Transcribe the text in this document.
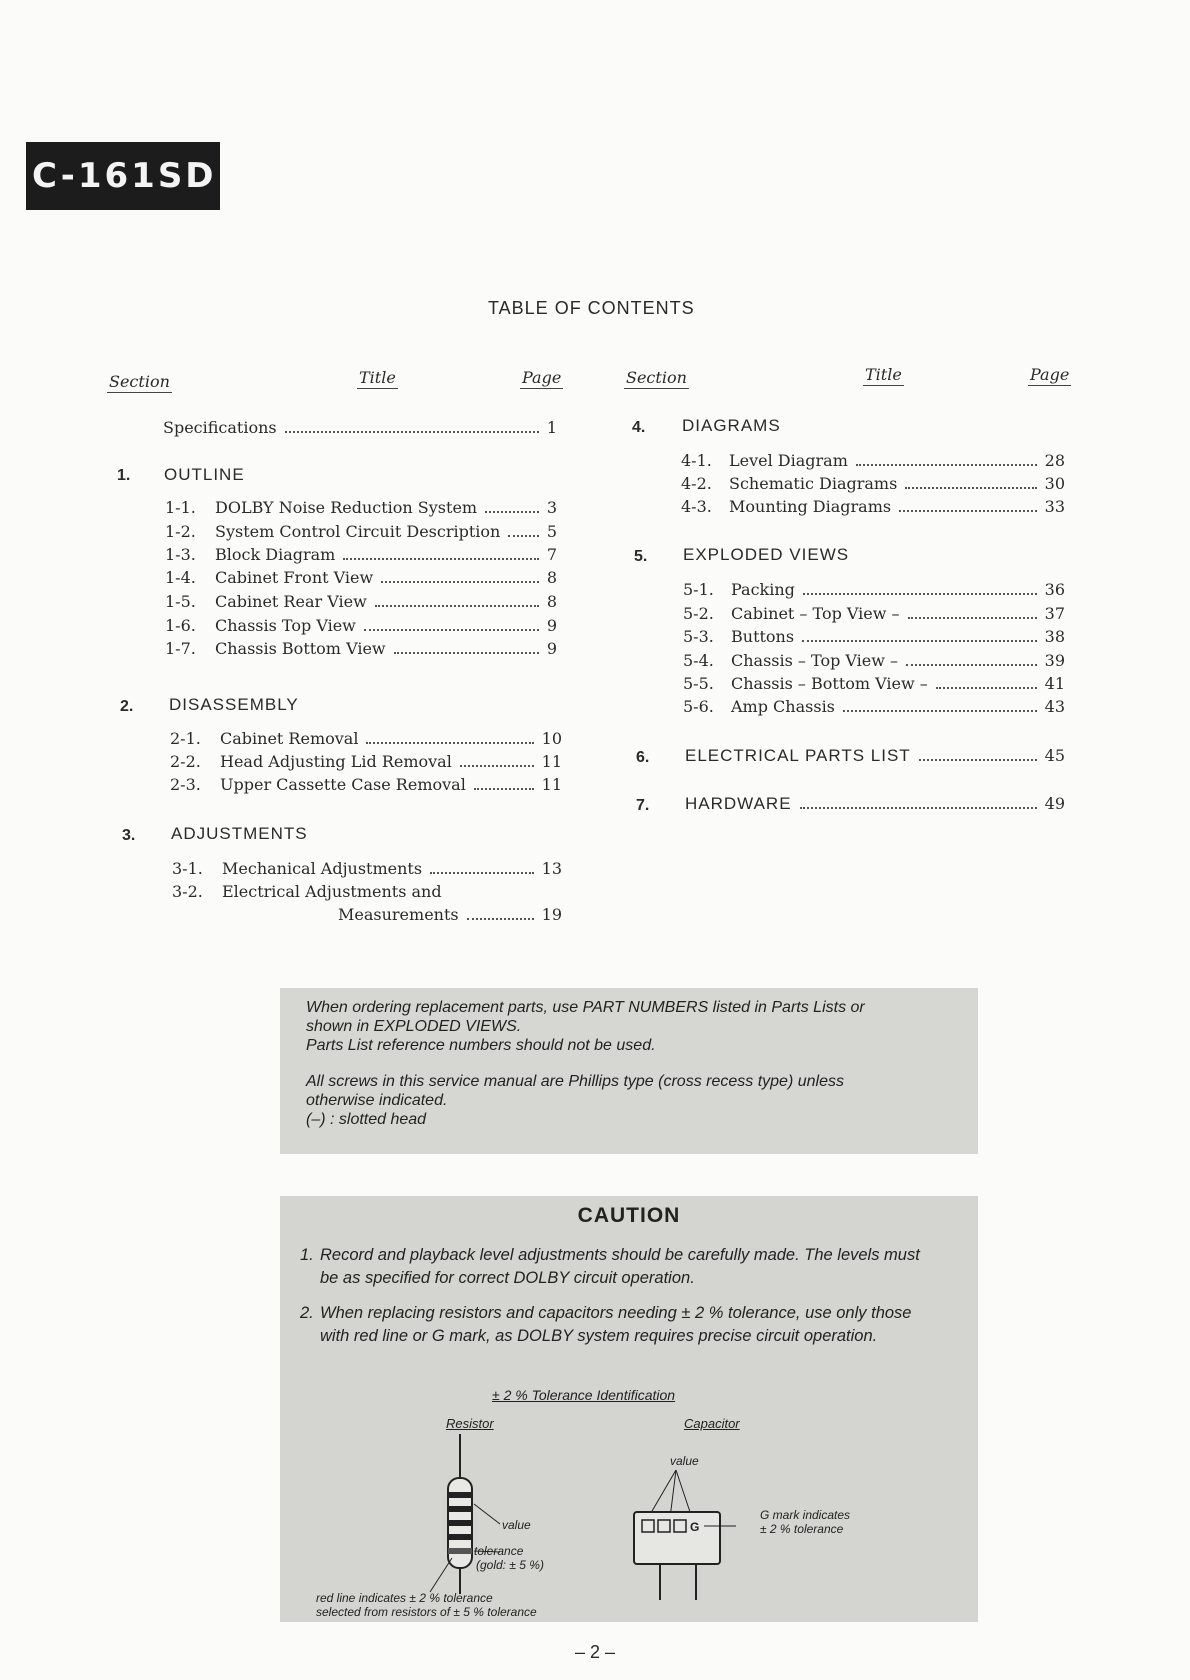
C-161SD
TABLE OF CONTENTS
Section	Title	Page	Section	Title	Page
Specifications	1
1. OUTLINE
1-1.	DOLBY Noise Reduction System	3
1-2.	System Control Circuit Description	5
1-3.	Block Diagram	7
1-4.	Cabinet Front View	8
1-5.	Cabinet Rear View	8
1-6.	Chassis Top View	9
1-7.	Chassis Bottom View	9
2. DISASSEMBLY
2-1.	Cabinet Removal	10
2-2.	Head Adjusting Lid Removal	11
2-3.	Upper Cassette Case Removal	11
3. ADJUSTMENTS
3-1.	Mechanical Adjustments	13
3-2.	Electrical Adjustments and
Measurements	19
4. DIAGRAMS
4-1.	Level Diagram	28
4-2.	Schematic Diagrams	30
4-3.	Mounting Diagrams	33
5. EXPLODED VIEWS
5-1.	Packing	36
5-2.	Cabinet – Top View –	37
5-3.	Buttons	38
5-4.	Chassis – Top View –	39
5-5.	Chassis – Bottom View –	41
5-6.	Amp Chassis	43
6. ELECTRICAL PARTS LIST	45
7. HARDWARE	49

When ordering replacement parts, use PART NUMBERS listed in Parts Lists or

shown in EXPLODED VIEWS.

Parts List reference numbers should not be used.

All screws in this service manual are Phillips type (cross recess type) unless

otherwise indicated.

(–) : slotted head

CAUTION
1. Record and playback level adjustments should be carefully made. The levels must be as specified for correct DOLBY circuit operation.
2. When replacing resistors and capacitors needing ± 2 % tolerance, use only those with red line or G mark, as DOLBY system requires precise circuit operation.
± 2 % Tolerance Identification
Resistor	Capacitor
value
tolerance
(gold: ± 5 %)
red line indicates ± 2 % tolerance
selected from resistors of ± 5 % tolerance
G
value
G mark indicates
± 2 % tolerance
– 2 –
